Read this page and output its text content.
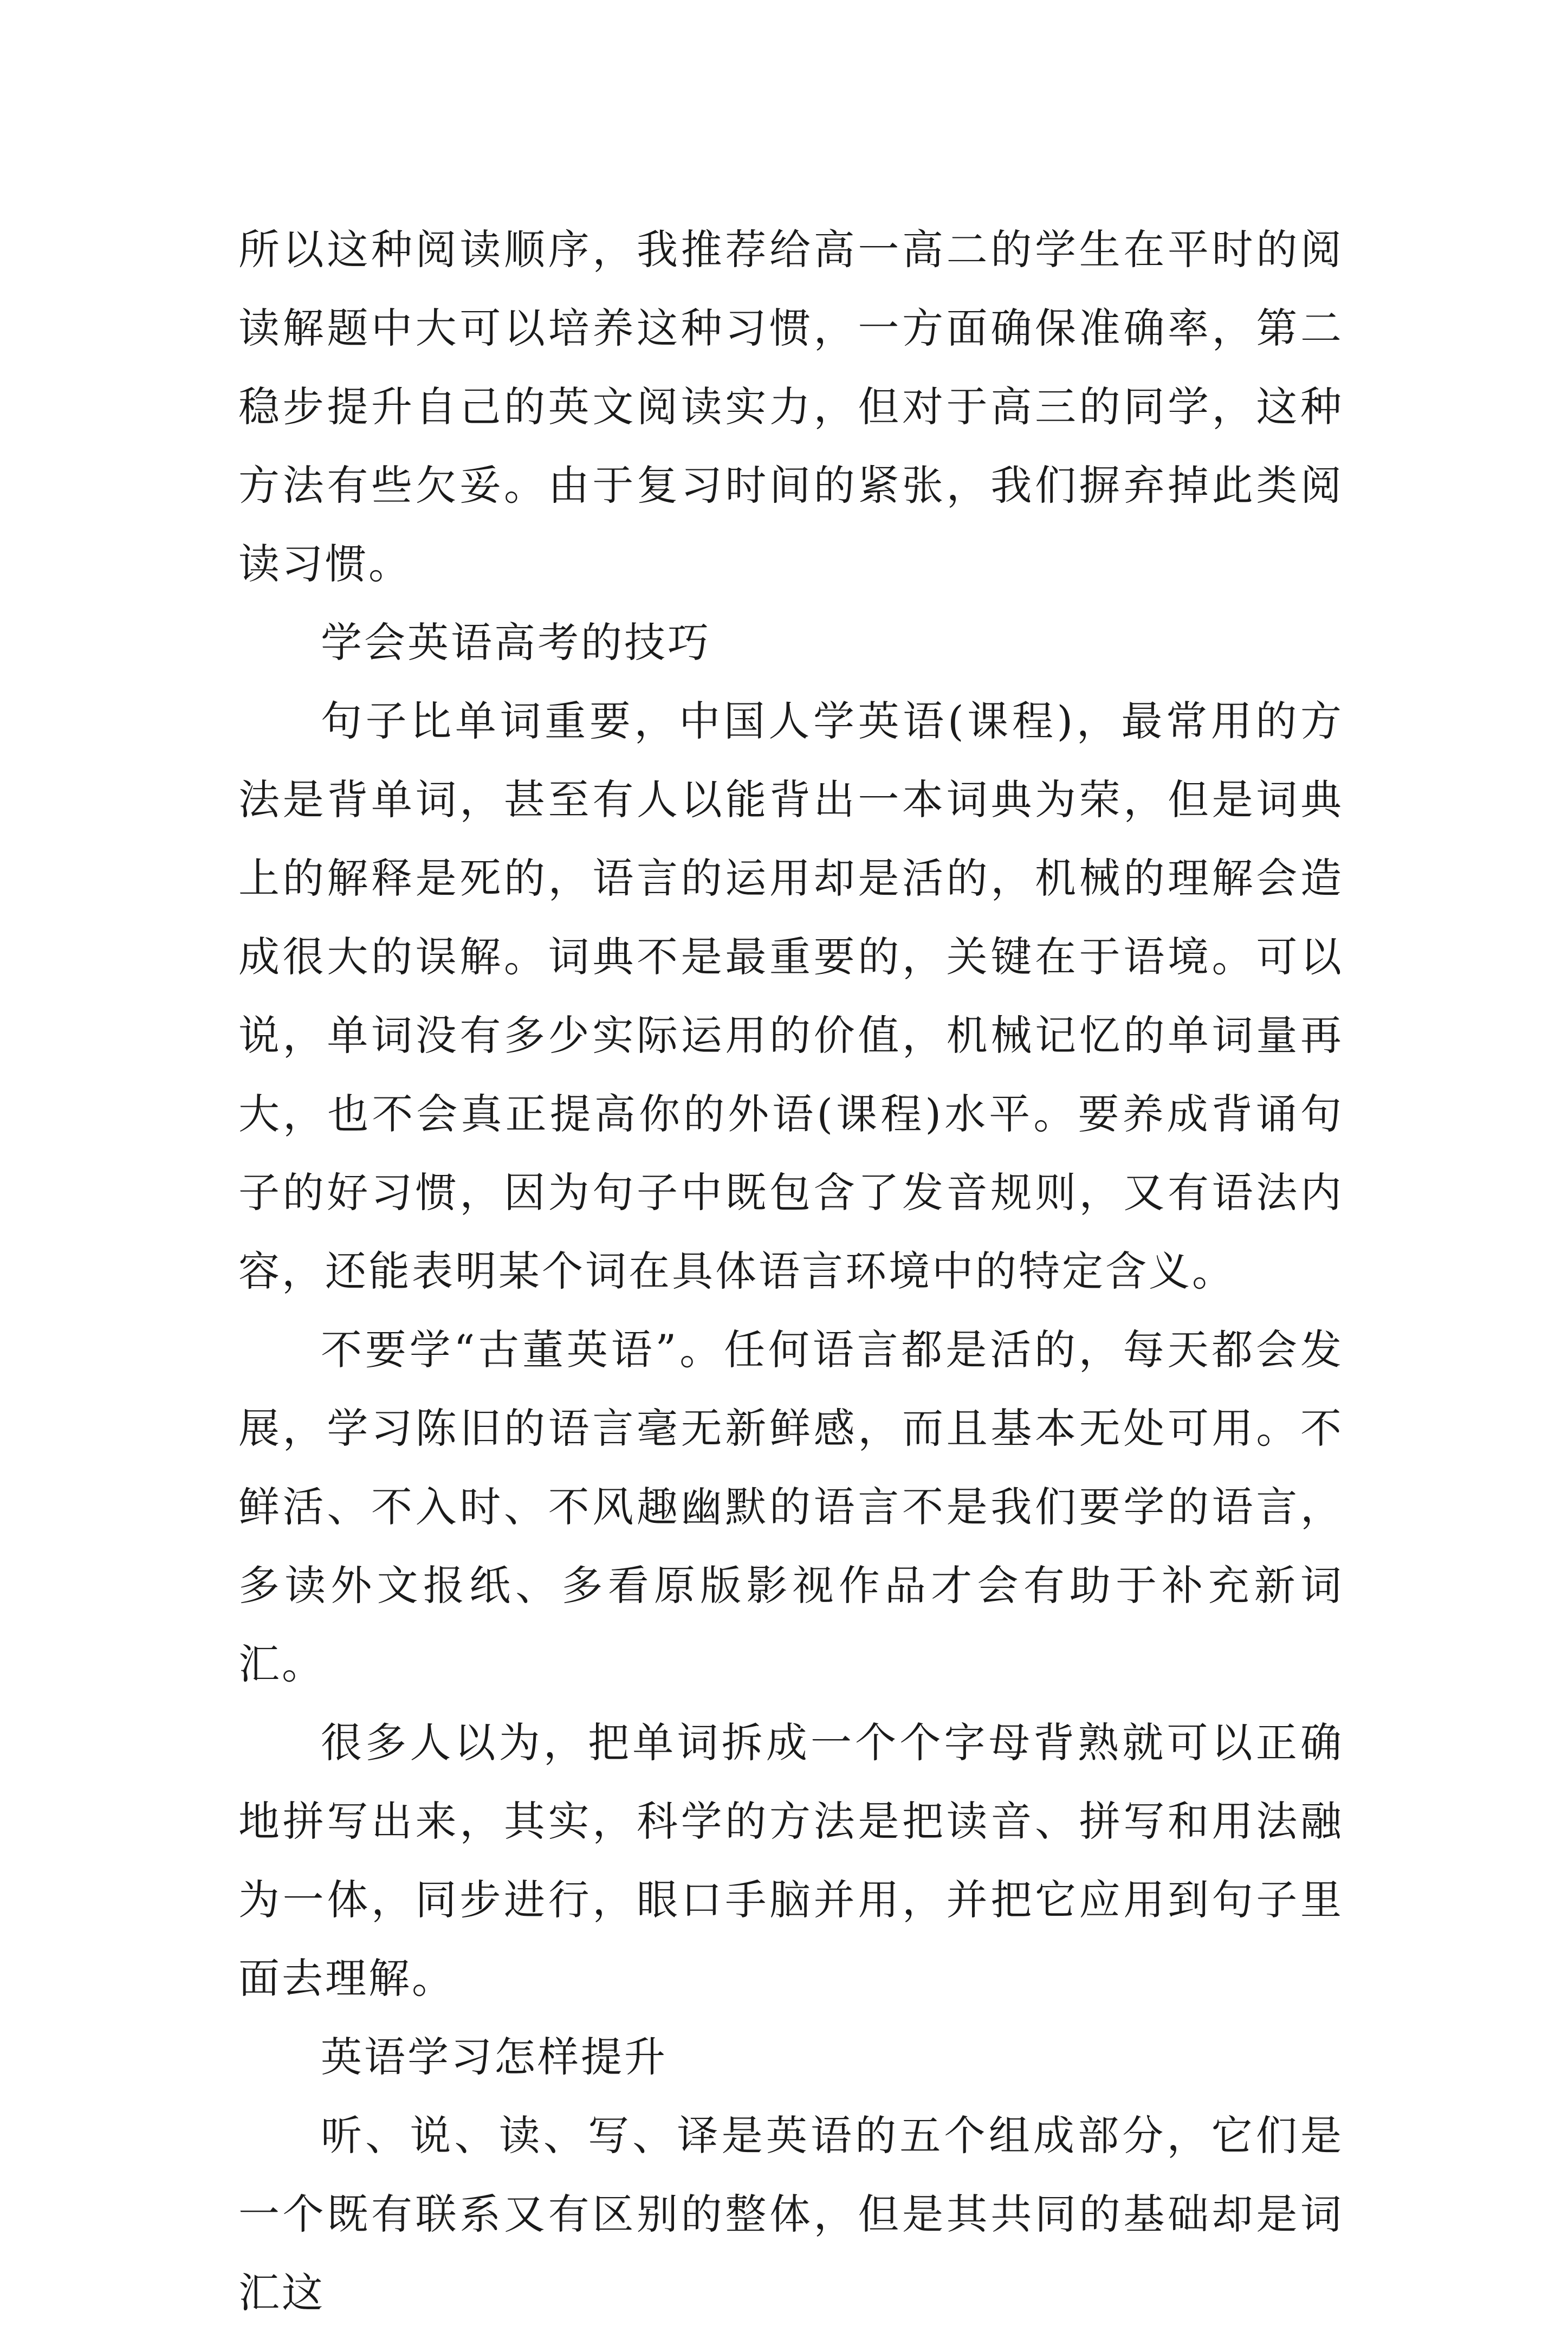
所以这种阅读顺序，我推荐给高一高二的学生在平时的阅读解题中大可以培养这种习惯，一方面确保准确率，第二稳步提升自己的英文阅读实力，但对于高三的同学，这种方法有些欠妥。由于复习时间的紧张，我们摒弃掉此类阅读习惯。

学会英语高考的技巧

句子比单词重要，中国人学英语(课程)，最常用的方法是背单词，甚至有人以能背出一本词典为荣，但是词典上的解释是死的，语言的运用却是活的，机械的理解会造成很大的误解。词典不是最重要的，关键在于语境。可以说，单词没有多少实际运用的价值，机械记忆的单词量再大，也不会真正提高你的外语(课程)水平。要养成背诵句子的好习惯，因为句子中既包含了发音规则，又有语法内容，还能表明某个词在具体语言环境中的特定含义。

不要学“古董英语”。任何语言都是活的，每天都会发展，学习陈旧的语言毫无新鲜感，而且基本无处可用。不鲜活、不入时、不风趣幽默的语言不是我们要学的语言，多读外文报纸、多看原版影视作品才会有助于补充新词汇。

很多人以为，把单词拆成一个个字母背熟就可以正确地拼写出来，其实，科学的方法是把读音、拼写和用法融为一体，同步进行，眼口手脑并用，并把它应用到句子里面去理解。

英语学习怎样提升

听、说、读、写、译是英语的五个组成部分，它们是一个既有联系又有区别的整体，但是其共同的基础却是词汇这
